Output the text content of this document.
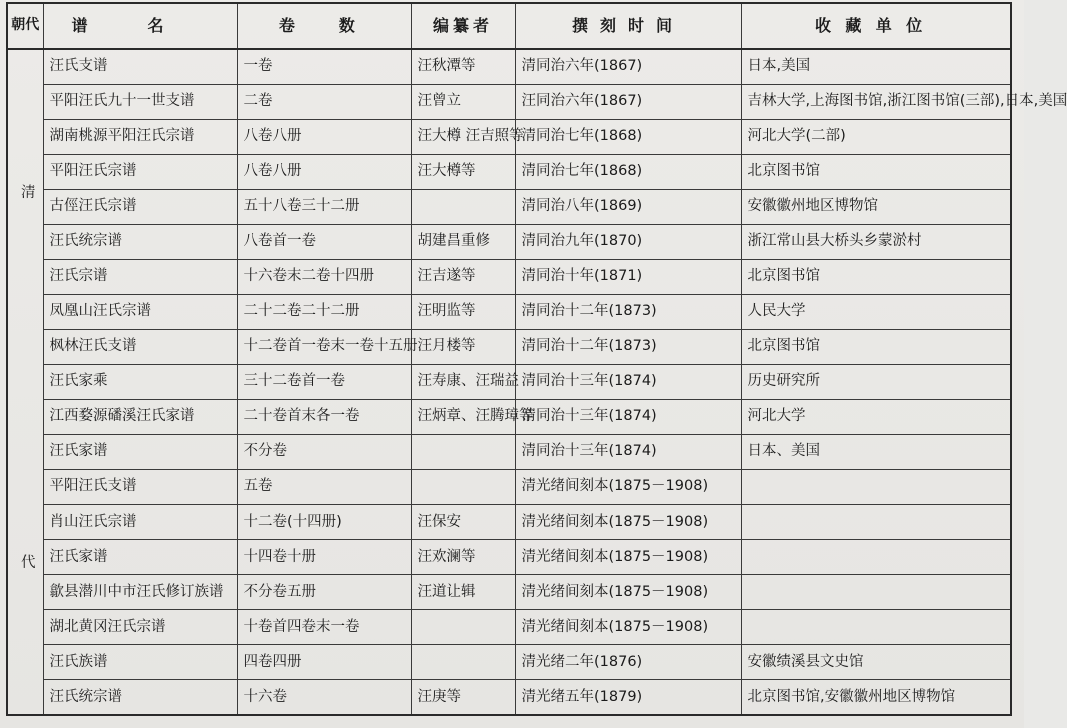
朝代	谱 名	卷 数	编纂者	撰刻时间	收藏单位

清
代	汪氏支谱	一卷	汪秋潭等	清同治六年(1867)	日本,美国
	平阳汪氏九十一世支谱	二卷	汪曾立	汪同治六年(1867)	吉林大学,上海图书馆,浙江图书馆(三部),日本,美国
	湖南桃源平阳汪氏宗谱	八卷八册	汪大樽 汪吉照等	清同治七年(1868)	河北大学(二部)
	平阳汪氏宗谱	八卷八册	汪大樽等	清同治七年(1868)	北京图书馆
	古俓汪氏宗谱	五十八卷三十二册		清同治八年(1869)	安徽徽州地区博物馆
	汪氏统宗谱	八卷首一卷	胡建昌重修	清同治九年(1870)	浙江常山县大桥头乡蒙淤村
	汪氏宗谱	十六卷末二卷十四册	汪吉遂等	清同治十年(1871)	北京图书馆
	凤凰山汪氏宗谱	二十二卷二十二册	汪明监等	清同治十二年(1873)	人民大学
	枫林汪氏支谱	十二卷首一卷末一卷十五册	汪月楼等	清同治十二年(1873)	北京图书馆
	汪氏家乘	三十二卷首一卷	汪寿康、汪瑞益	清同治十三年(1874)	历史研究所
	江西婺源磻溪汪氏家谱	二十卷首末各一卷	汪炳章、汪腾璋等	清同治十三年(1874)	河北大学
	汪氏家谱	不分卷		清同治十三年(1874)	日本、美国
	平阳汪氏支谱	五卷		清光绪间刻本(1875－1908)	
	肖山汪氏宗谱	十二卷(十四册)	汪保安	清光绪间刻本(1875－1908)	
	汪氏家谱	十四卷十册	汪欢澜等	清光绪间刻本(1875－1908)	
	歙县潜川中市汪氏修订族谱	不分卷五册	汪道让辑	清光绪间刻本(1875－1908)	
	湖北黄冈汪氏宗谱	十卷首四卷末一卷		清光绪间刻本(1875－1908)	
	汪氏族谱	四卷四册		清光绪二年(1876)	安徽绩溪县文史馆
	汪氏统宗谱	十六卷	汪庚等	清光绪五年(1879)	北京图书馆,安徽徽州地区博物馆
